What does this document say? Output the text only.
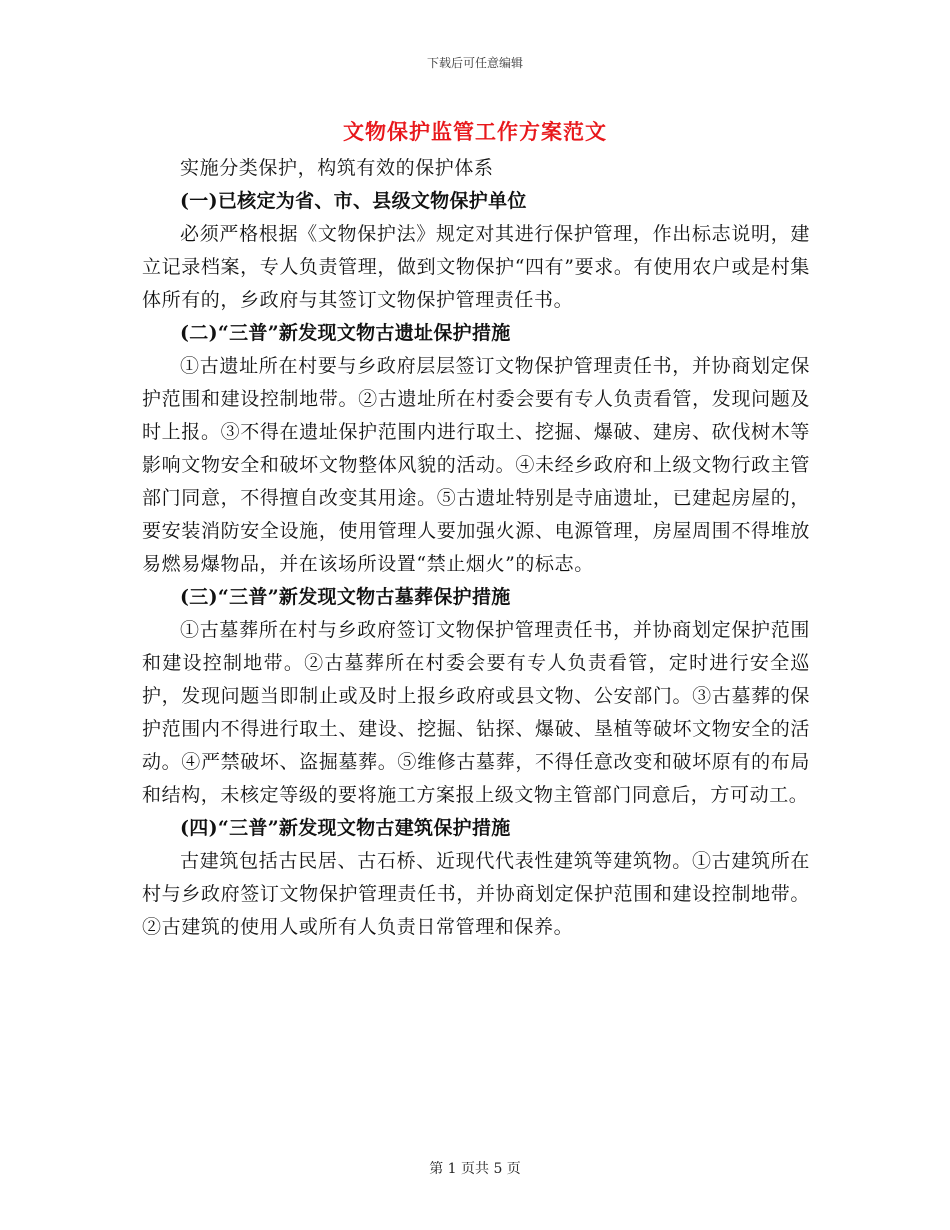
下载后可任意编辑
文物保护监管工作方案范文

实施分类保护，构筑有效的保护体系

(一)已核定为省、市、县级文物保护单位

必须严格根据《文物保护法》规定对其进行保护管理，作出标志说明，建立记录档案，专人负责管理，做到文物保护“四有”要求。有使用农户或是村集体所有的，乡政府与其签订文物保护管理责任书。

(二)“三普”新发现文物古遗址保护措施

①古遗址所在村要与乡政府层层签订文物保护管理责任书，并协商划定保护范围和建设控制地带。②古遗址所在村委会要有专人负责看管，发现问题及时上报。③不得在遗址保护范围内进行取土、挖掘、爆破、建房、砍伐树木等影响文物安全和破坏文物整体风貌的活动。④未经乡政府和上级文物行政主管部门同意，不得擅自改变其用途。⑤古遗址特别是寺庙遗址，已建起房屋的，要安装消防安全设施，使用管理人要加强火源、电源管理，房屋周围不得堆放易燃易爆物品，并在该场所设置“禁止烟火”的标志。

(三)“三普”新发现文物古墓葬保护措施

①古墓葬所在村与乡政府签订文物保护管理责任书，并协商划定保护范围和建设控制地带。②古墓葬所在村委会要有专人负责看管，定时进行安全巡护，发现问题当即制止或及时上报乡政府或县文物、公安部门。③古墓葬的保护范围内不得进行取土、建设、挖掘、钻探、爆破、垦植等破坏文物安全的活动。④严禁破坏、盗掘墓葬。⑤维修古墓葬，不得任意改变和破坏原有的布局和结构，未核定等级的要将施工方案报上级文物主管部门同意后，方可动工。

(四)“三普”新发现文物古建筑保护措施

古建筑包括古民居、古石桥、近现代代表性建筑等建筑物。①古建筑所在村与乡政府签订文物保护管理责任书，并协商划定保护范围和建设控制地带。②古建筑的使用人或所有人负责日常管理和保养。

第 1 页共 5 页
